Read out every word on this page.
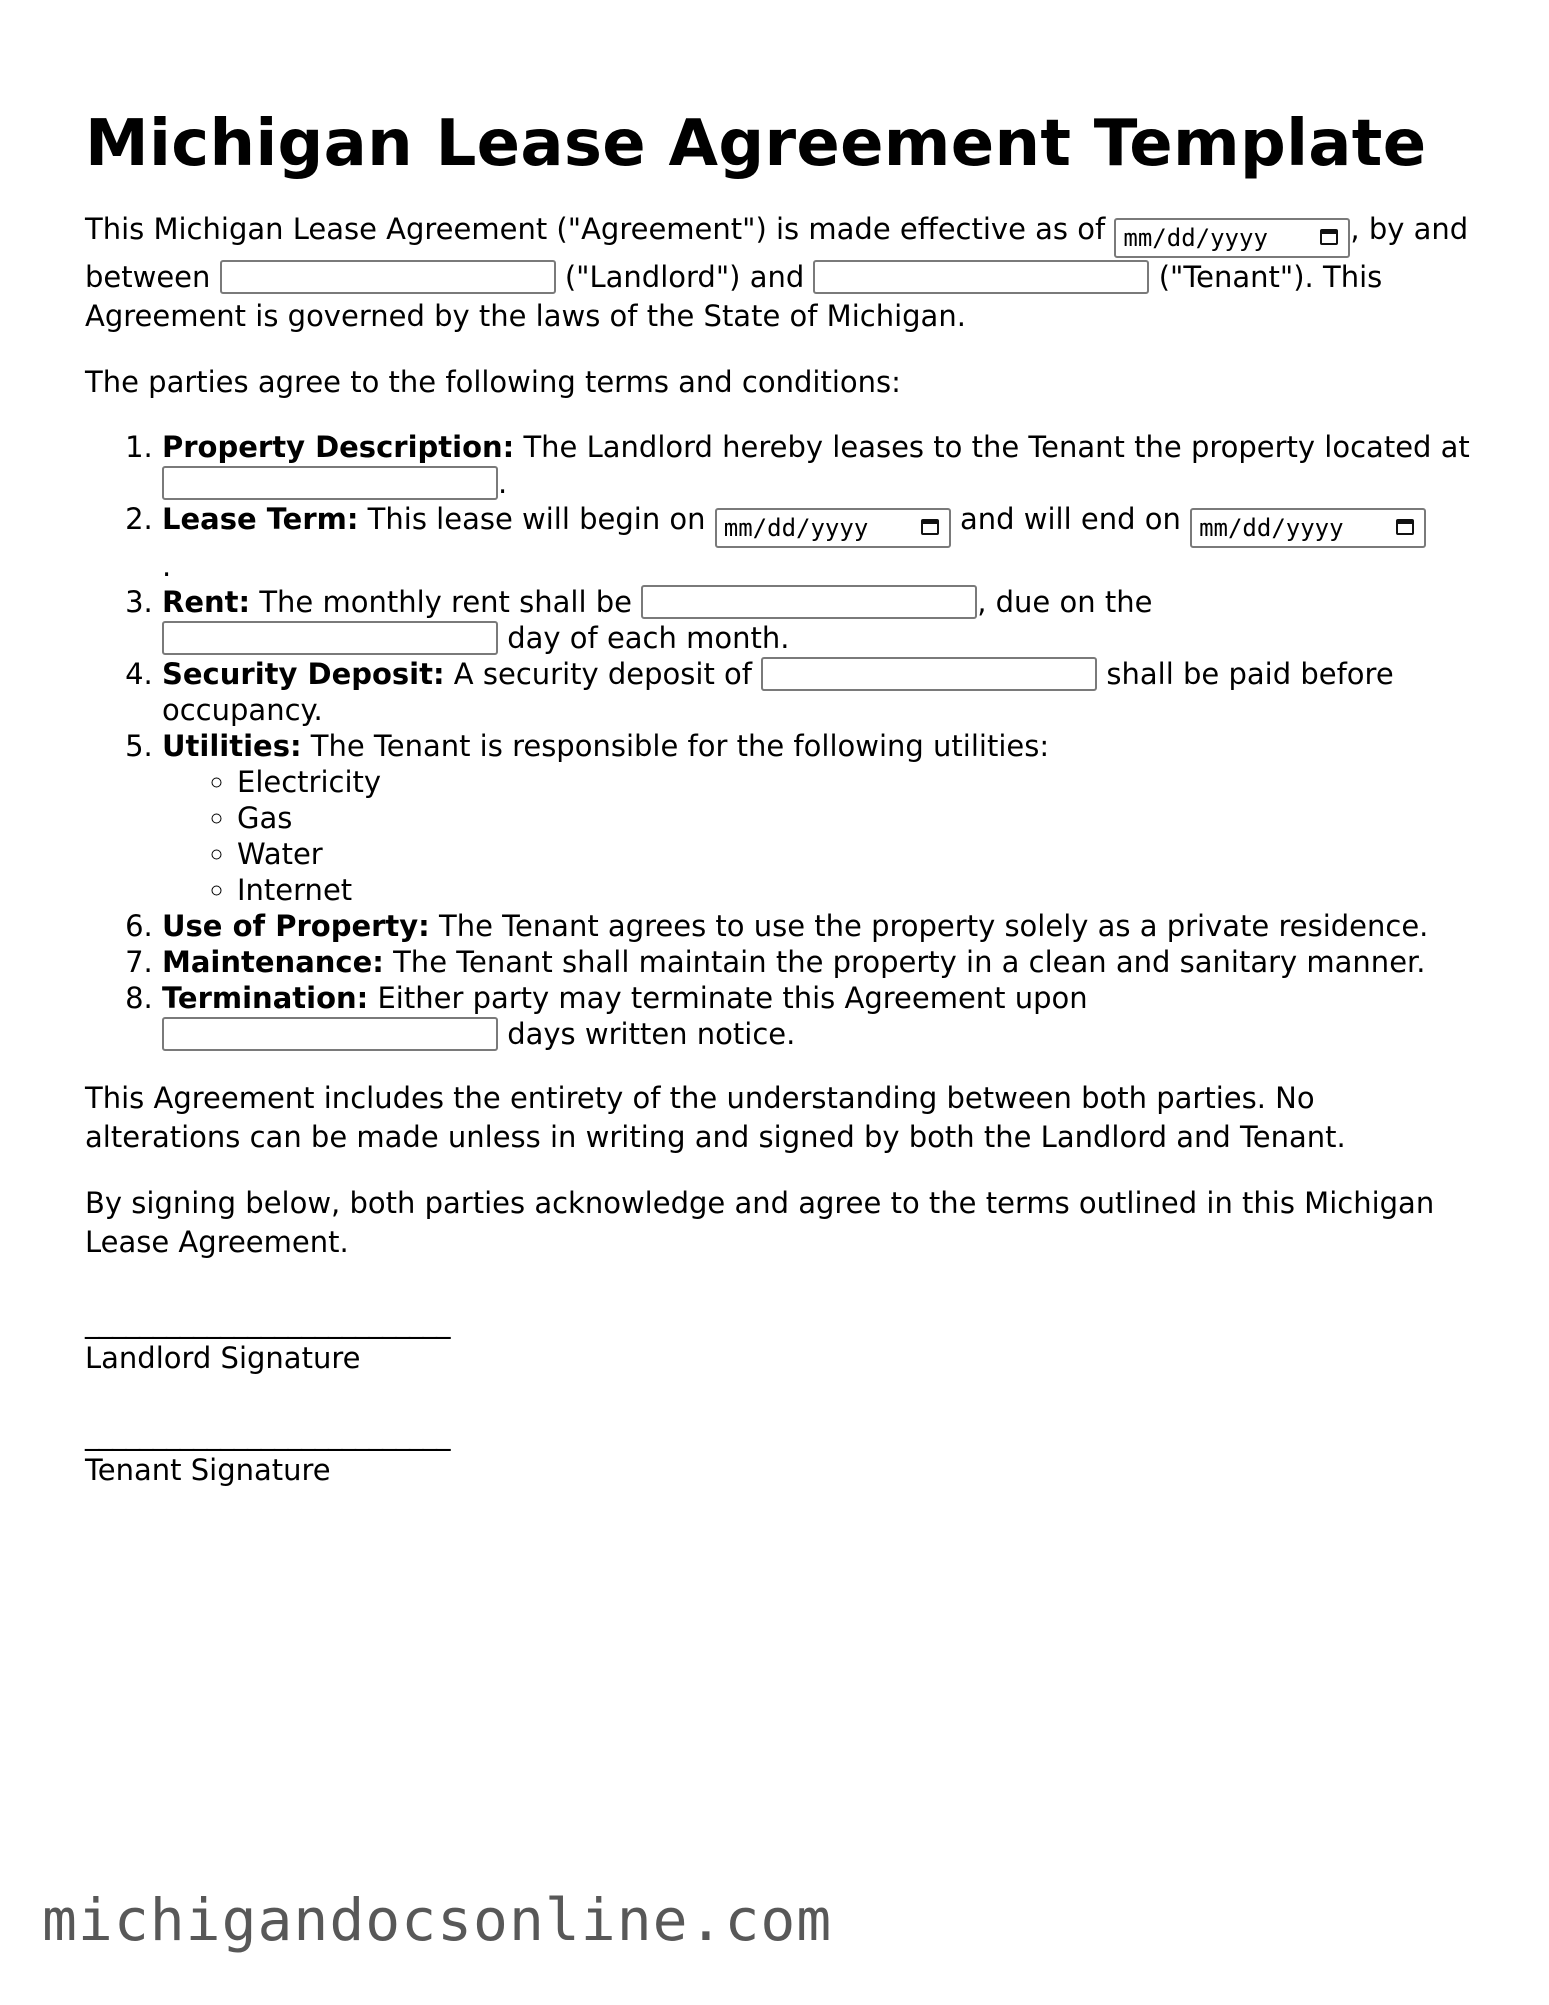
Michigan Lease Agreement Template

This Michigan Lease Agreement ("Agreement") is made effective as of mm/dd/yyyy	, by and between	("Landlord") and	("Tenant"). This Agreement is governed by the laws of the State of Michigan.

The parties agree to the following terms and conditions:

1. Property Description: The Landlord hereby leases to the Tenant the property located at .
2. Lease Term: This lease will begin on mm/dd/yyyy	and will end on mm/dd/yyyy

.
3. Rent: The monthly rent shall be	, due on the
day of each month.
4. Security Deposit: A security deposit of	shall be paid before occupancy.
5. Utilities: The Tenant is responsible for the following utilities:
◦ Electricity
◦ Gas
◦ Water
◦ Internet
6. Use of Property: The Tenant agrees to use the property solely as a private residence.
7. Maintenance: The Tenant shall maintain the property in a clean and sanitary manner.
8. Termination: Either party may terminate this Agreement upon
days written notice.

This Agreement includes the entirety of the understanding between both parties. No alterations can be made unless in writing and signed by both the Landlord and Tenant.

By signing below, both parties acknowledge and agree to the terms outlined in this Michigan Lease Agreement.

___________________________
Landlord Signature
___________________________
Tenant Signature
michigandocsonline.com
